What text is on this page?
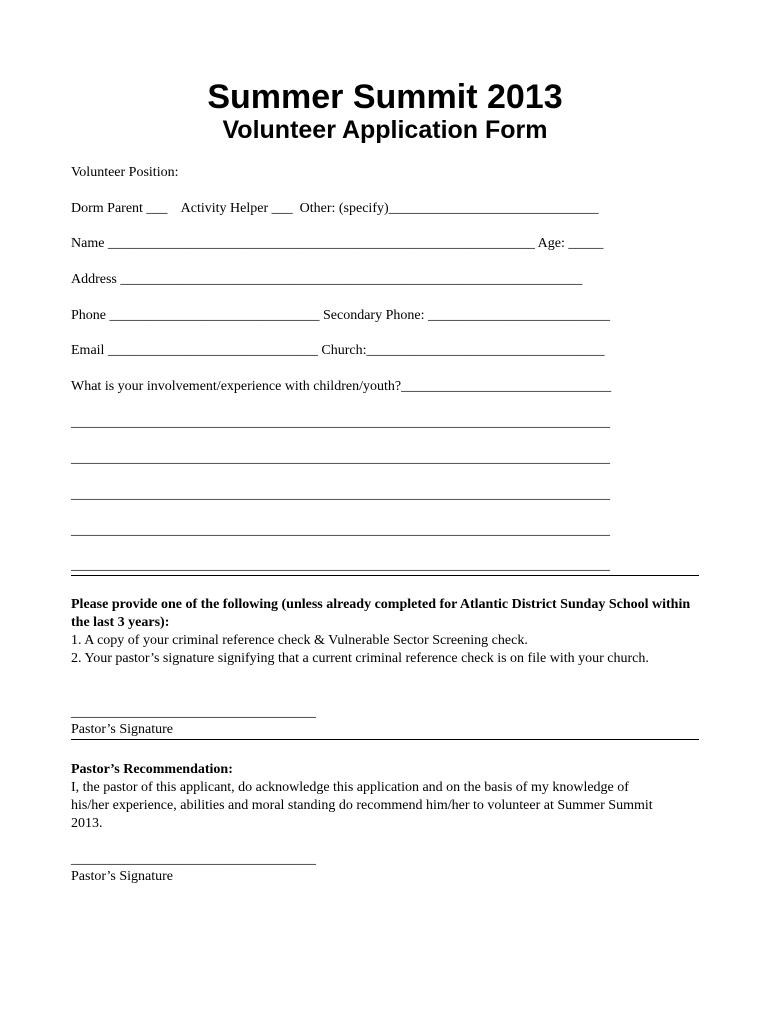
Summer Summit 2013
Volunteer Application Form
Volunteer Position:
Dorm Parent ___    Activity Helper ___  Other: (specify)______________________________
Name _____________________________________________________________ Age: _____
Address __________________________________________________________________
Phone ______________________________ Secondary Phone: __________________________
Email ______________________________ Church:__________________________________
What is your involvement/experience with children/youth?______________________________
_____________________________________________________________________________
_____________________________________________________________________________
_____________________________________________________________________________
_____________________________________________________________________________
_____________________________________________________________________________
Please provide one of the following (unless already completed for Atlantic District Sunday School within the last 3 years):
1. A copy of your criminal reference check & Vulnerable Sector Screening check.
2. Your pastor’s signature signifying that a current criminal reference check is on file with your church.
___________________________________
Pastor’s Signature
Pastor’s Recommendation:
I, the pastor of this applicant, do acknowledge this application and on the basis of my knowledge of his/her experience, abilities and moral standing do recommend him/her to volunteer at Summer Summit 2013.
___________________________________
Pastor’s Signature
